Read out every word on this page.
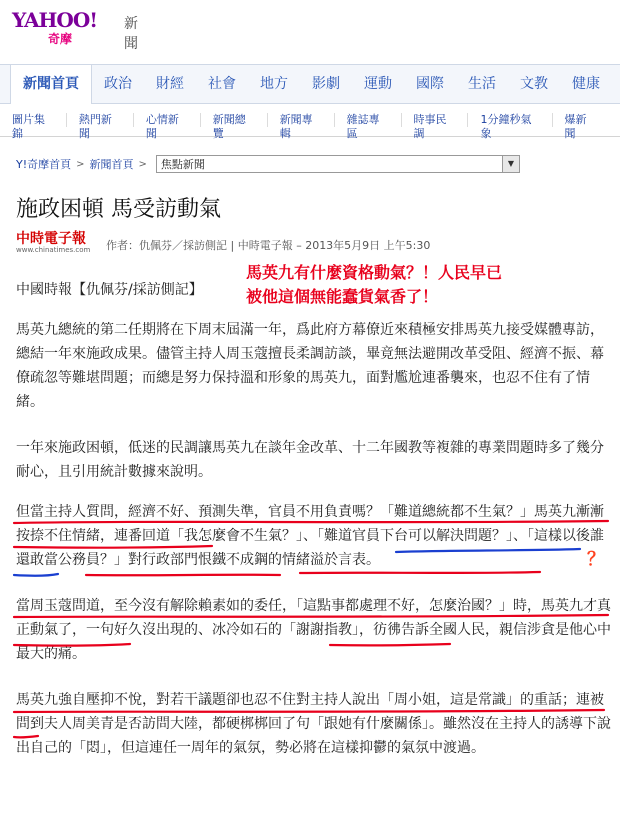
YAHOO!
奇摩
新聞
新聞首頁	政治	財經	社會	地方	影劇	運動	國際	生活	文教	健康
圖片集錦
熱門新聞
心情新聞
新聞總覽
新聞專輯
雜誌專區
時事民調
1分鐘秒氣象
爆新聞
Y!奇摩首頁 > 新聞首頁 >	焦點新聞	▼
施政困頓 馬受訪動氣
中時電子報
www.chinatimes.com	作者：仇佩芬／採訪側記 | 中時電子報 – 2013年5月9日 上午5:30
馬英九有什麼資格動氣？！人民早已
被他這個無能蠢貨氣香了！
中國時報【仇佩芬/採訪側記】
馬英九總統的第二任期將在下周末屆滿一年，爲此府方幕僚近來積極安排馬英九接受媒體專訪，總結一年來施政成果。儘管主持人周玉蔻擅長柔調訪談，畢竟無法避開改革受阻、經濟不振、幕僚疏忽等難堪問題；而總是努力保持溫和形象的馬英九，面對尷尬連番襲來，也忍不住有了情緒。
一年來施政困頓，低迷的民調讓馬英九在談年金改革、十二年國教等複雜的專業問題時多了幾分耐心，且引用統計數據來說明。
但當主持人質問，經濟不好、預測失準，官員不用負責嗎？「難道總統都不生氣？」馬英九漸漸按捺不住情緒，連番回道「我怎麼會不生氣？」、「難道官員下台可以解決問題？」、「這樣以後誰還敢當公務員？」對行政部門恨鐵不成鋼的情緒溢於言表。
當周玉蔻問道，至今沒有解除賴素如的委任，「這點事都處理不好，怎麼治國？」時，馬英九才真正動氣了，一句好久沒出現的、冰冷如石的「謝謝指教」，彷彿告訴全國人民，親信涉貪是他心中最大的痛。
馬英九強自壓抑不悅，對若干議題卻也忍不住對主持人說出「周小姐，這是常識」的重話；連被問到夫人周美青是否訪問大陸，都硬梆梆回了句「跟她有什麼關係」。雖然沒在主持人的誘導下說出自己的「悶」，但這連任一周年的氣氛，勢必將在這樣抑鬱的氣氛中渡過。
？
